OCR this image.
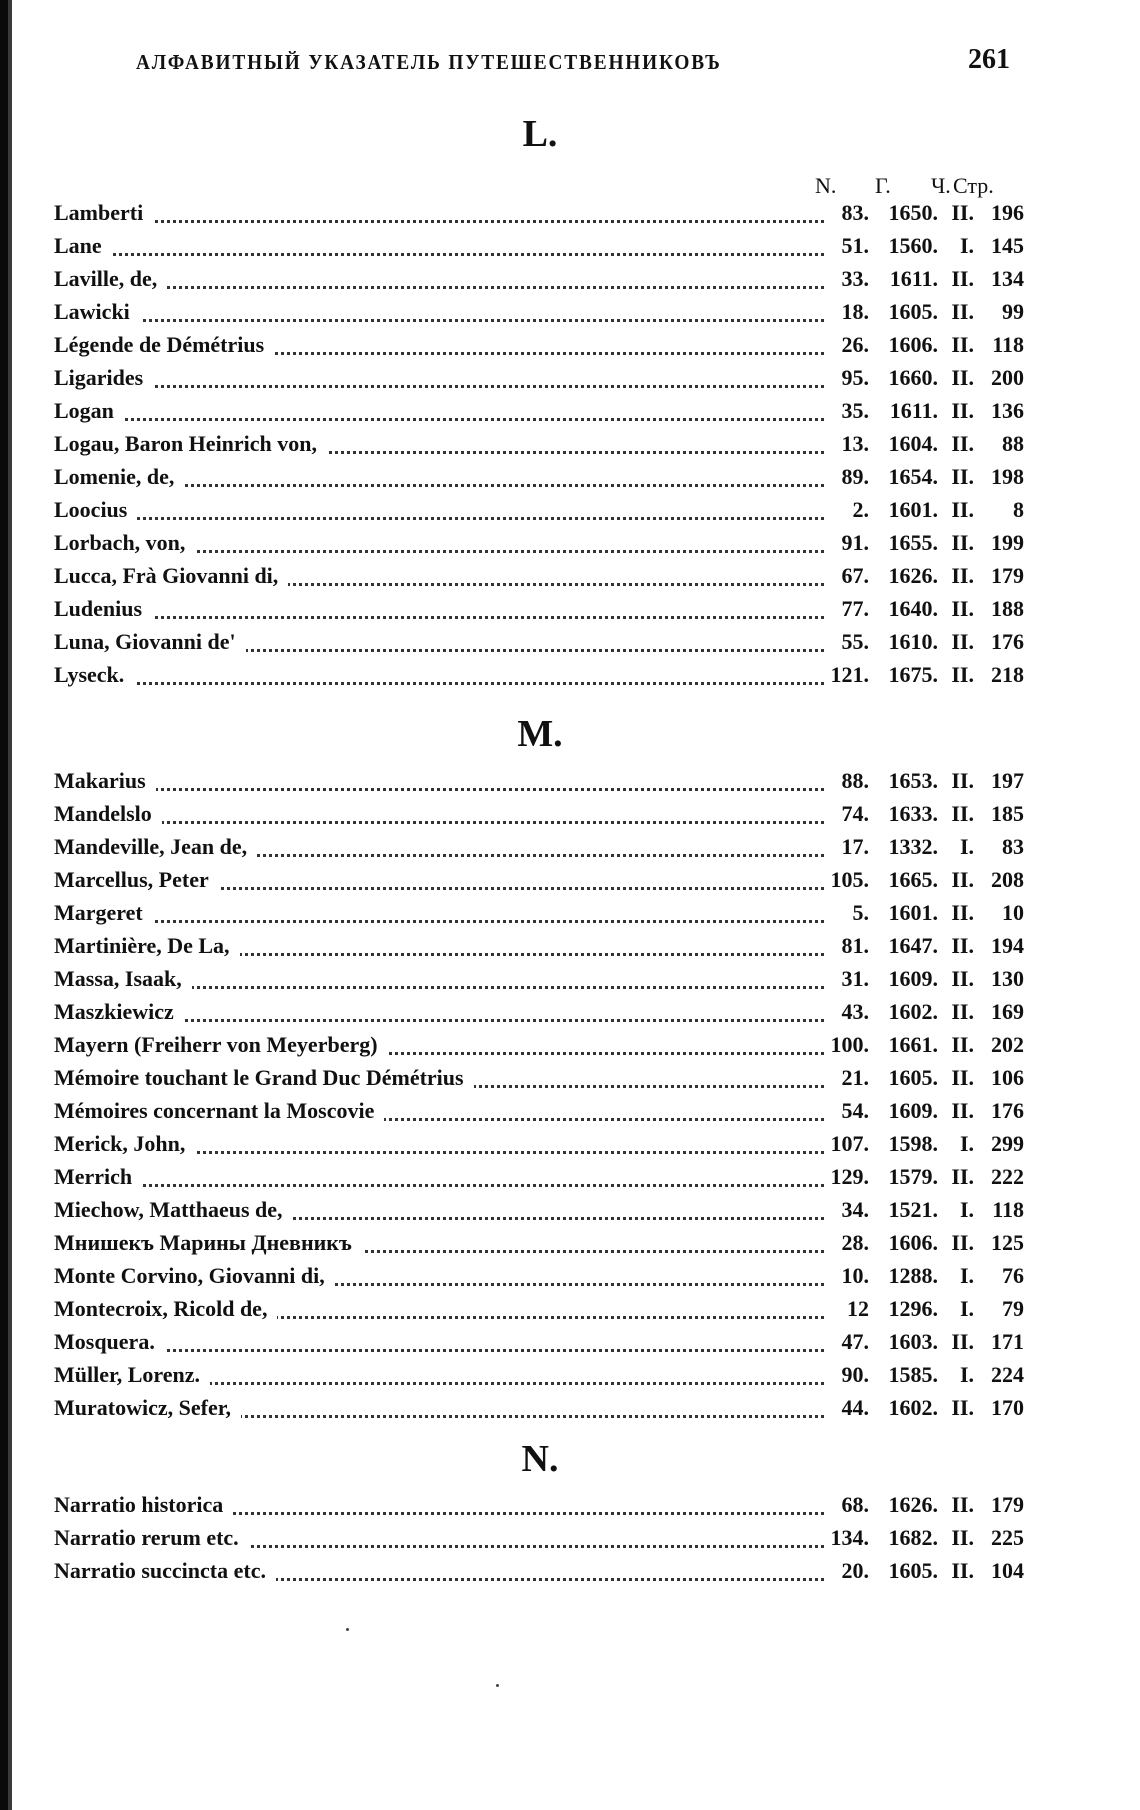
АЛФАВИТНЫЙ УКАЗАТЕЛЬ ПУТЕШЕСТВЕННИКОВЪ	261
L.
N. Г. Ч. Стр.
Lamberti	83. 1650. II. 196
Lane	51. 1560. I. 145
Laville, de,	33. 1611. II. 134
Lawicki	18. 1605. II.	99
Légende de Démétrius	26. 1606. II. 118
Ligarides	95. 1660. II. 200
Logan	35. 1611. II. 136
Logau, Baron Heinrich von,	13. 1604. II.	88
Lomenie, de,	89. 1654. II. 198
Loocius	2. 1601. II.	8
Lorbach, von,	91. 1655. II. 199
Lucca, Frà Giovanni di,	67. 1626. II. 179
Ludenius	77. 1640. II. 188
Luna, Giovanni de'	55. 1610. II. 176
Lyseck.	121. 1675. II. 218
M.
Makarius	88. 1653. II. 197
Mandelslo	74. 1633. II. 185
Mandeville, Jean de,	17. 1332. I.	83
Marcellus, Peter	105. 1665. II. 208
Margeret	5. 1601. II.	10
Martinière, De La,	81. 1647. II. 194
Massa, Isaak,	31. 1609. II. 130
Maszkiewicz	43. 1602. II. 169
Mayern (Freiherr von Meyerberg)	100. 1661. II. 202
Mémoire touchant le Grand Duc Démétrius	21. 1605. II. 106
Mémoires concernant la Moscovie	54. 1609. II. 176
Merick, John,	107. 1598. I. 299
Merrich	129. 1579. II. 222
Miechow, Matthaeus de,	34. 1521. I. 118
Мнишекъ Марины Дневникъ	28. 1606. II. 125
Monte Corvino, Giovanni di,	10. 1288. I.	76
Montecroix, Ricold de,	12 1296. I.	79
Mosquera.	47. 1603. II. 171
Müller, Lorenz.	90. 1585. I. 224
Muratowicz, Sefer,	44. 1602. II. 170
N.
Narratio historica	68. 1626. II. 179
Narratio rerum etc.	134. 1682. II. 225
Narratio succincta etc.	20. 1605. II. 104
